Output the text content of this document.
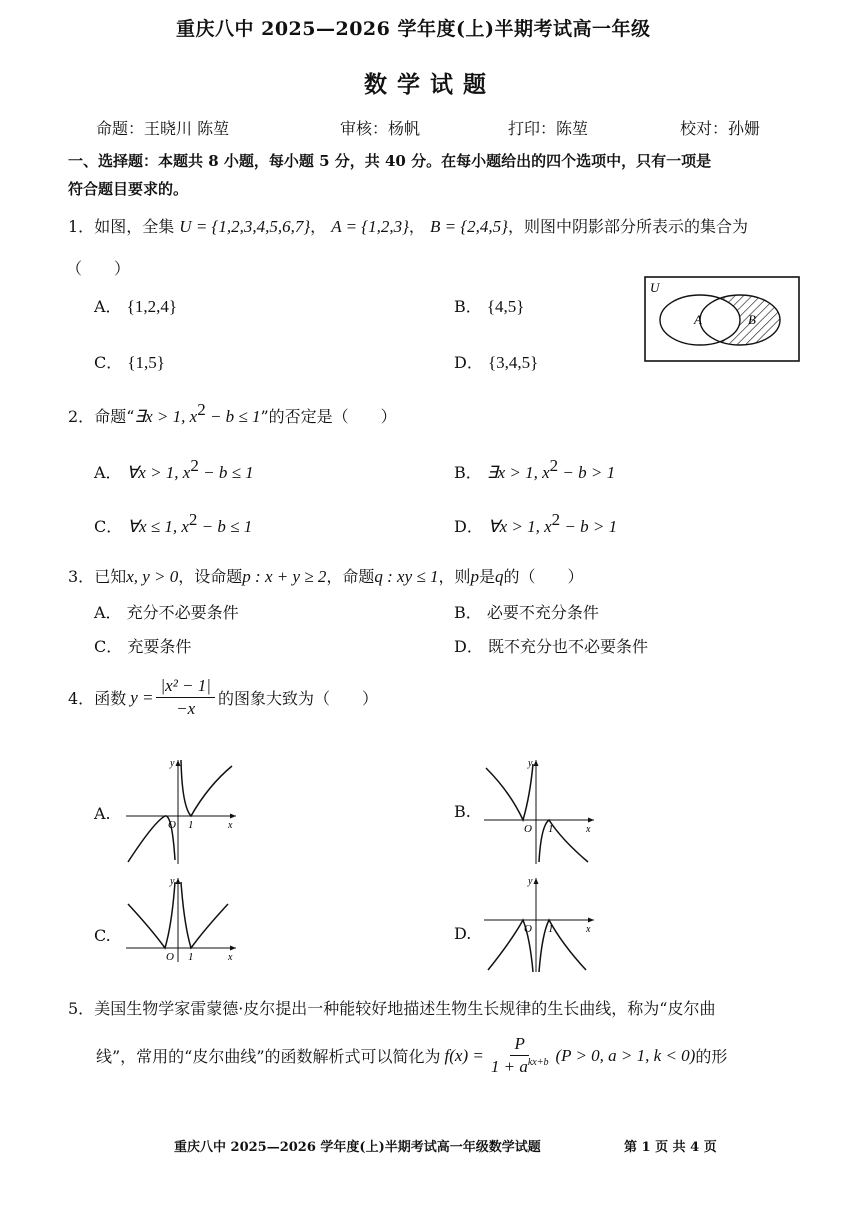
重庆八中 2025—2026 学年度(上)半期考试高一年级
数学试题
命题：王晓川 陈堃	审核：杨帆	打印：陈堃	校对：孙姗
一、选择题：本题共 8 小题，每小题 5 分，共 40 分。在每小题给出的四个选项中，只有一项是
符合题目要求的。
1．如图，全集 U = {1,2,3,4,5,6,7}， A = {1,2,3}， B = {2,4,5}，则图中阴影部分所表示的集合为
（　　）
A． {1,2,4}	B． {4,5}
C． {1,5}	D． {3,4,5}
U
A	B
2．命题“∃x > 1, $x^2 - b \le 1$”的否定是（　　）
A． ∀x > 1, $x^2 - b \le 1$	B． ∃x > 1, $x^2 - b > 1$
C． ∀x ≤ 1, $x^2 - b \le 1$	D． ∀x > 1, $x^2 - b > 1$
3．已知x, y > 0，设命题p : x + y ≥ 2，命题q : xy ≤ 1，则p是q的（　　）
A． 充分不必要条件	B． 必要不充分条件
C． 充要条件	D． 既不充分也不必要条件
4． 函数 $y = \frac{\text{|x² − 1|}}{-x}$ 的图象大致为（　　）
A.	B.
C.	D.
O 1	x
y
O 1	x
y
O 1	x
y
O 1	x
y
5．美国生物学家雷蒙德·皮尔提出一种能较好地描述生物生长规律的生长曲线，称为“皮尔曲
线”，常用的“皮尔曲线”的函数解析式可以简化为 $f(x) = \frac{P}{1 + a^{kx+b}} (P > 0$, a > 1, k < 0) 的形
重庆八中 2025—2026 学年度(上)半期考试高一年级数学试题	第 1 页 共 4 页
